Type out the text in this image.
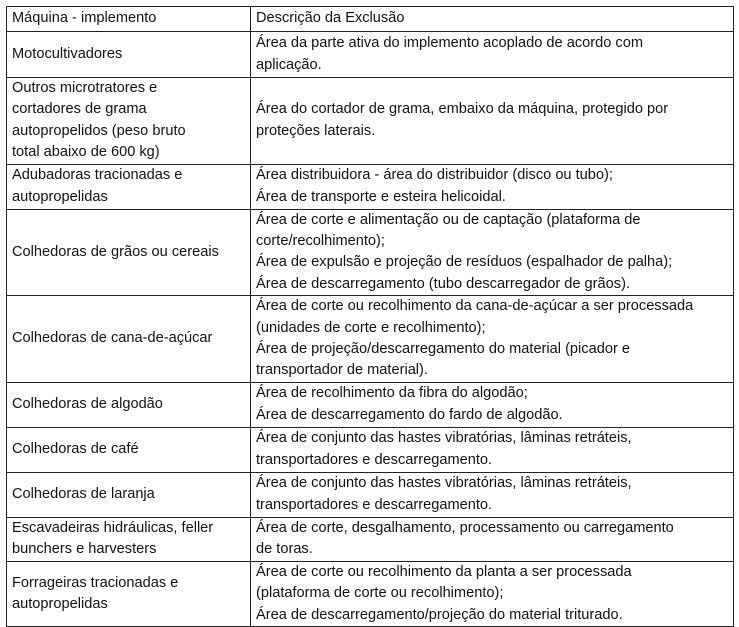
Máquina - implemento	Descrição da Exclusão

Motocultivadores	Área da parte ativa do implemento acoplado de acordo com
aplicação.

Outros microtratores e
cortadores de grama
autopropelidos (peso bruto
total abaixo de 600 kg)	Área do cortador de grama, embaixo da máquina, protegido por
proteções laterais.

Adubadoras tracionadas e
autopropelidas	Área distribuidora - área do distribuidor (disco ou tubo);
Área de transporte e esteira helicoidal.

Colhedoras de grãos ou cereais	Área de corte e alimentação ou de captação (plataforma de
corte/recolhimento);
Área de expulsão e projeção de resíduos (espalhador de palha);
Área de descarregamento (tubo descarregador de grãos).

Colhedoras de cana-de-açúcar	Área de corte ou recolhimento da cana-de-açúcar a ser processada
(unidades de corte e recolhimento);
Área de projeção/descarregamento do material (picador e
transportador de material).

Colhedoras de algodão	Área de recolhimento da fibra do algodão;
Área de descarregamento do fardo de algodão.

Colhedoras de café	Área de conjunto das hastes vibratórias, lâminas retráteis,
transportadores e descarregamento.

Colhedoras de laranja	Área de conjunto das hastes vibratórias, lâminas retráteis,
transportadores e descarregamento.

Escavadeiras hidráulicas, feller
bunchers e harvesters	Área de corte, desgalhamento, processamento ou carregamento
de toras.

Forrageiras tracionadas e
autopropelidas	Área de corte ou recolhimento da planta a ser processada
(plataforma de corte ou recolhimento);
Área de descarregamento/projeção do material triturado.
